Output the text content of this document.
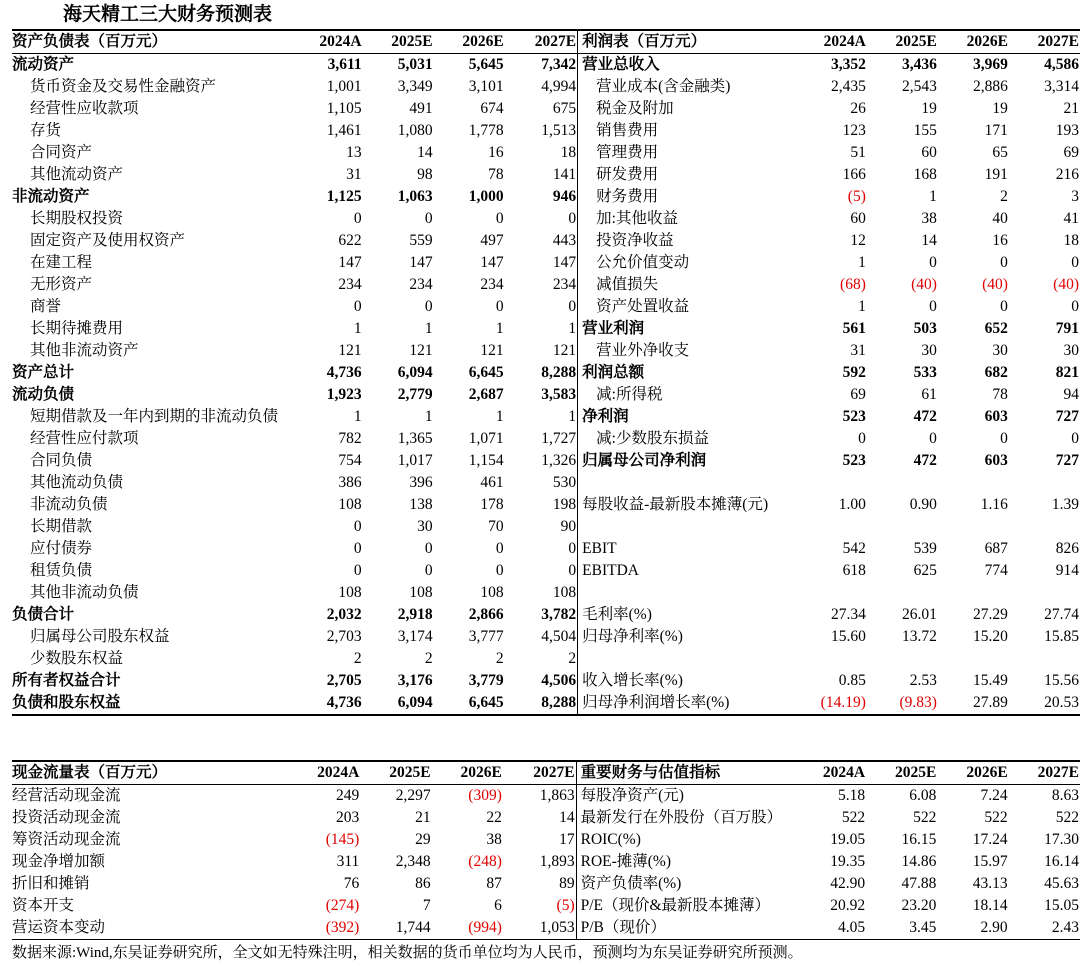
海天精工三大财务预测表
资产负债表（百万元）	2024A	2025E	2026E	2027E	利润表（百万元）	2024A	2025E	2026E	2027E
流动资产	3,611	5,031	5,645	7,342	营业总收入	3,352	3,436	3,969	4,586
货币资金及交易性金融资产	1,001	3,349	3,101	4,994	营业成本(含金融类)	2,435	2,543	2,886	3,314
经营性应收款项	1,105	491	674	675	税金及附加	26	19	19	21
存货	1,461	1,080	1,778	1,513	销售费用	123	155	171	193
合同资产	13	14	16	18	管理费用	51	60	65	69
其他流动资产	31	98	78	141	研发费用	166	168	191	216
非流动资产	1,125	1,063	1,000	946	财务费用	(5)	1	2	3
长期股权投资	0	0	0	0	加:其他收益	60	38	40	41
固定资产及使用权资产	622	559	497	443	投资净收益	12	14	16	18
在建工程	147	147	147	147	公允价值变动	1	0	0	0
无形资产	234	234	234	234	减值损失	(68)	(40)	(40)	(40)
商誉	0	0	0	0	资产处置收益	1	0	0	0
长期待摊费用	1	1	1	1	营业利润	561	503	652	791
其他非流动资产	121	121	121	121	营业外净收支	31	30	30	30
资产总计	4,736	6,094	6,645	8,288	利润总额	592	533	682	821
流动负债	1,923	2,779	2,687	3,583	减:所得税	69	61	78	94
短期借款及一年内到期的非流动负债	1	1	1	1	净利润	523	472	603	727
经营性应付款项	782	1,365	1,071	1,727	减:少数股东损益	0	0	0	0
合同负债	754	1,017	1,154	1,326	归属母公司净利润	523	472	603	727
其他流动负债	386	396	461	530					
非流动负债	108	138	178	198	每股收益-最新股本摊薄(元)	1.00	0.90	1.16	1.39
长期借款	0	30	70	90					
应付债券	0	0	0	0	EBIT	542	539	687	826
租赁负债	0	0	0	0	EBITDA	618	625	774	914
其他非流动负债	108	108	108	108					
负债合计	2,032	2,918	2,866	3,782	毛利率(%)	27.34	26.01	27.29	27.74
归属母公司股东权益	2,703	3,174	3,777	4,504	归母净利率(%)	15.60	13.72	15.20	15.85
少数股东权益	2	2	2	2					
所有者权益合计	2,705	3,176	3,779	4,506	收入增长率(%)	0.85	2.53	15.49	15.56
负债和股东权益	4,736	6,094	6,645	8,288	归母净利润增长率(%)	(14.19)	(9.83)	27.89	20.53
现金流量表（百万元）	2024A	2025E	2026E	2027E	重要财务与估值指标	2024A	2025E	2026E	2027E
经营活动现金流	249	2,297	(309)	1,863	每股净资产(元)	5.18	6.08	7.24	8.63
投资活动现金流	203	21	22	14	最新发行在外股份（百万股）	522	522	522	522
筹资活动现金流	(145)	29	38	17	ROIC(%)	19.05	16.15	17.24	17.30
现金净增加额	311	2,348	(248)	1,893	ROE-摊薄(%)	19.35	14.86	15.97	16.14
折旧和摊销	76	86	87	89	资产负债率(%)	42.90	47.88	43.13	45.63
资本开支	(274)	7	6	(5)	P/E（现价&最新股本摊薄）	20.92	23.20	18.14	15.05
营运资本变动	(392)	1,744	(994)	1,053	P/B（现价）	4.05	3.45	2.90	2.43
数据来源:Wind,东吴证券研究所，全文如无特殊注明，相关数据的货币单位均为人民币，预测均为东吴证券研究所预测。
